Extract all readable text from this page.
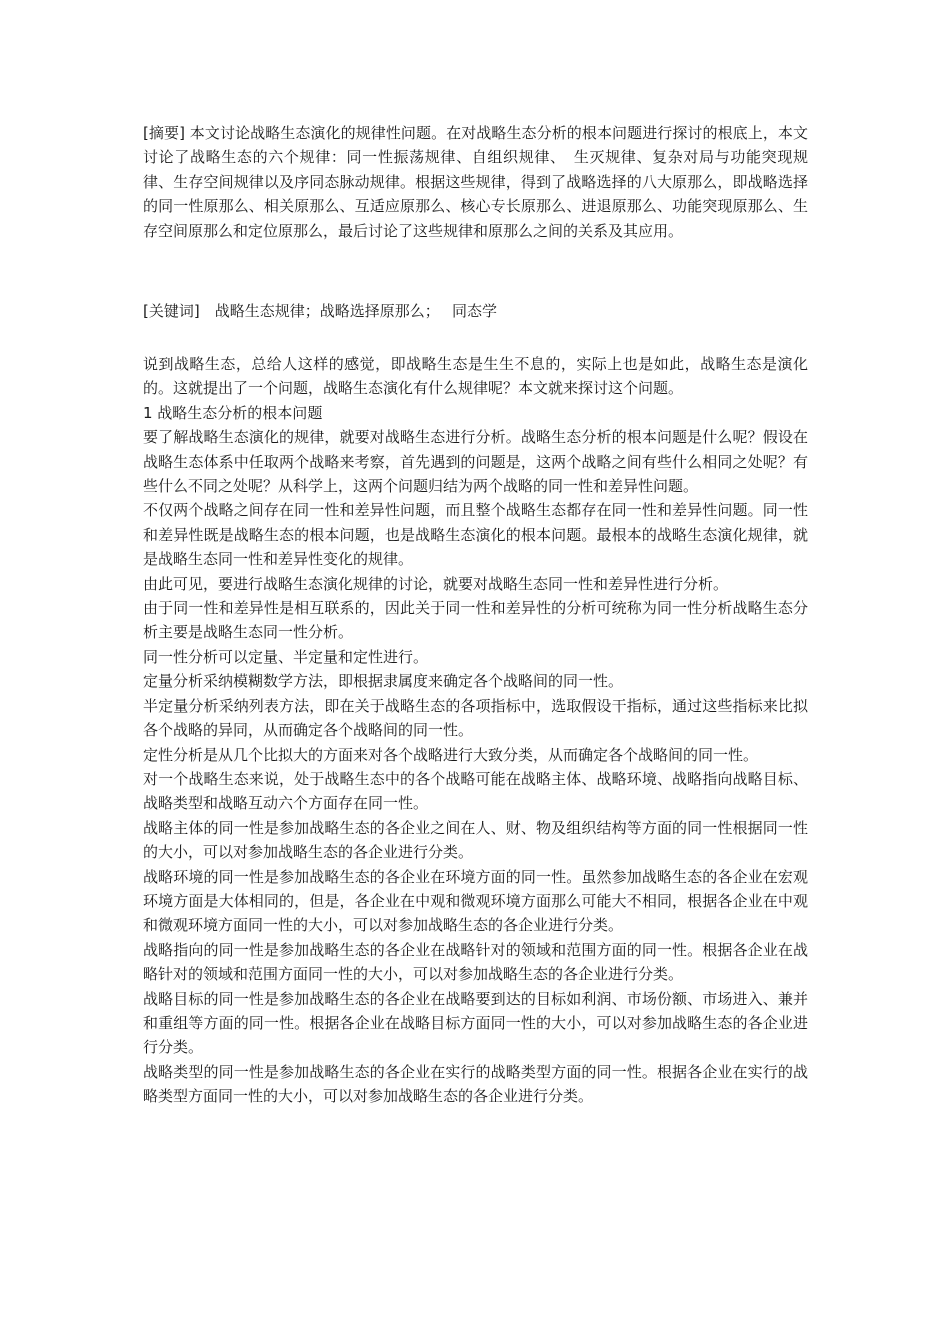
[摘要] 本文讨论战略生态演化的规律性问题。在对战略生态分析的根本问题进行探讨的根底上，本文讨论了战略生态的六个规律：同一性振荡规律、自组织规律、　生灭规律、复杂对局与功能突现规律、生存空间规律以及序同态脉动规律。根据这些规律，得到了战略选择的八大原那么，即战略选择的同一性原那么、相关原那么、互适应原那么、核心专长原那么、进退原那么、功能突现原那么、生存空间原那么和定位原那么，最后讨论了这些规律和原那么之间的关系及其应用。

[关键词]　战略生态规律；战略选择原那么；　 同态学

说到战略生态，总给人这样的感觉，即战略生态是生生不息的，实际上也是如此，战略生态是演化的。这就提出了一个问题，战略生态演化有什么规律呢？本文就来探讨这个问题。
1 战略生态分析的根本问题
要了解战略生态演化的规律，就要对战略生态进行分析。战略生态分析的根本问题是什么呢？假设在战略生态体系中任取两个战略来考察，首先遇到的问题是，这两个战略之间有些什么相同之处呢？有些什么不同之处呢？从科学上，这两个问题归结为两个战略的同一性和差异性问题。
不仅两个战略之间存在同一性和差异性问题，而且整个战略生态都存在同一性和差异性问题。同一性和差异性既是战略生态的根本问题，也是战略生态演化的根本问题。最根本的战略生态演化规律，就是战略生态同一性和差异性变化的规律。
由此可见，要进行战略生态演化规律的讨论，就要对战略生态同一性和差异性进行分析。
由于同一性和差异性是相互联系的，因此关于同一性和差异性的分析可统称为同一性分析战略生态分析主要是战略生态同一性分析。
同一性分析可以定量、半定量和定性进行。
定量分析采纳模糊数学方法，即根据隶属度来确定各个战略间的同一性。
半定量分析采纳列表方法，即在关于战略生态的各项指标中，选取假设干指标，通过这些指标来比拟各个战略的异同，从而确定各个战略间的同一性。
定性分析是从几个比拟大的方面来对各个战略进行大致分类，从而确定各个战略间的同一性。
对一个战略生态来说，处于战略生态中的各个战略可能在战略主体、战略环境、战略指向战略目标、战略类型和战略互动六个方面存在同一性。
战略主体的同一性是参加战略生态的各企业之间在人、财、物及组织结构等方面的同一性根据同一性的大小，可以对参加战略生态的各企业进行分类。
战略环境的同一性是参加战略生态的各企业在环境方面的同一性。虽然参加战略生态的各企业在宏观环境方面是大体相同的，但是，各企业在中观和微观环境方面那么可能大不相同，根据各企业在中观和微观环境方面同一性的大小，可以对参加战略生态的各企业进行分类。
战略指向的同一性是参加战略生态的各企业在战略针对的领域和范围方面的同一性。根据各企业在战略针对的领域和范围方面同一性的大小，可以对参加战略生态的各企业进行分类。
战略目标的同一性是参加战略生态的各企业在战略要到达的目标如利润、市场份额、市场进入、兼并和重组等方面的同一性。根据各企业在战略目标方面同一性的大小，可以对参加战略生态的各企业进行分类。
战略类型的同一性是参加战略生态的各企业在实行的战略类型方面的同一性。根据各企业在实行的战略类型方面同一性的大小，可以对参加战略生态的各企业进行分类。
